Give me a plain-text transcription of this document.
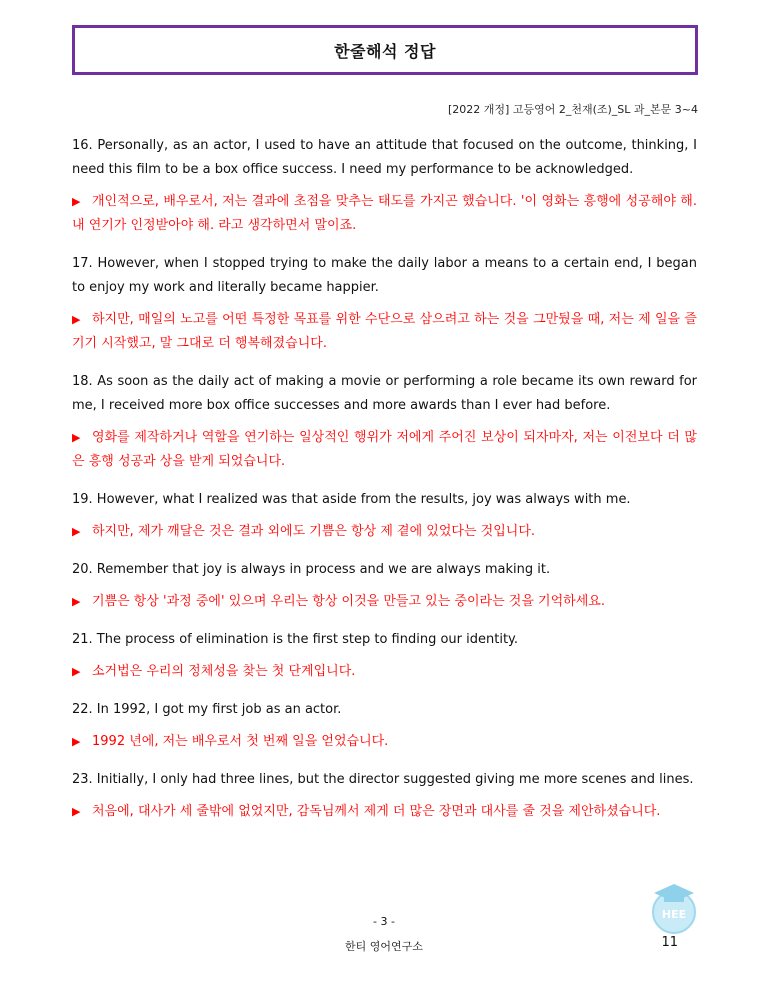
한줄해석 정답
[2022 개정] 고등영어 2_천재(조)_SL 과_본문 3~4

16. Personally, as an actor, I used to have an attitude that focused on the outcome, thinking, I need this film to be a box office success. I need my performance to be acknowledged.

▶ 개인적으로, 배우로서, 저는 결과에 초점을 맞추는 태도를 가지곤 했습니다. '이 영화는 흥행에 성공해야 해. 내 연기가 인정받아야 해. 라고 생각하면서 말이죠.

17. However, when I stopped trying to make the daily labor a means to a certain end, I began to enjoy my work and literally became happier.

▶ 하지만, 매일의 노고를 어떤 특정한 목표를 위한 수단으로 삼으려고 하는 것을 그만뒀을 때, 저는 제 일을 즐기기 시작했고, 말 그대로 더 행복해졌습니다.

18. As soon as the daily act of making a movie or performing a role became its own reward for me, I received more box office successes and more awards than I ever had before.

▶ 영화를 제작하거나 역할을 연기하는 일상적인 행위가 저에게 주어진 보상이 되자마자, 저는 이전보다 더 많은 흥행 성공과 상을 받게 되었습니다.

19. However, what I realized was that aside from the results, joy was always with me.

▶ 하지만, 제가 깨달은 것은 결과 외에도 기쁨은 항상 제 곁에 있었다는 것입니다.

20. Remember that joy is always in process and we are always making it.

▶ 기쁨은 항상 '과정 중에' 있으며 우리는 항상 이것을 만들고 있는 중이라는 것을 기억하세요.

21. The process of elimination is the first step to finding our identity.

▶ 소거법은 우리의 정체성을 찾는 첫 단계입니다.

22. In 1992, I got my first job as an actor.

▶ 1992 년에, 저는 배우로서 첫 번째 일을 얻었습니다.

23. Initially, I only had three lines, but the director suggested giving me more scenes and lines.

▶ 처음에, 대사가 세 줄밖에 없었지만, 감독님께서 제게 더 많은 장면과 대사를 줄 것을 제안하셨습니다.

HEE
- 3 -
한티 영어연구소	11
